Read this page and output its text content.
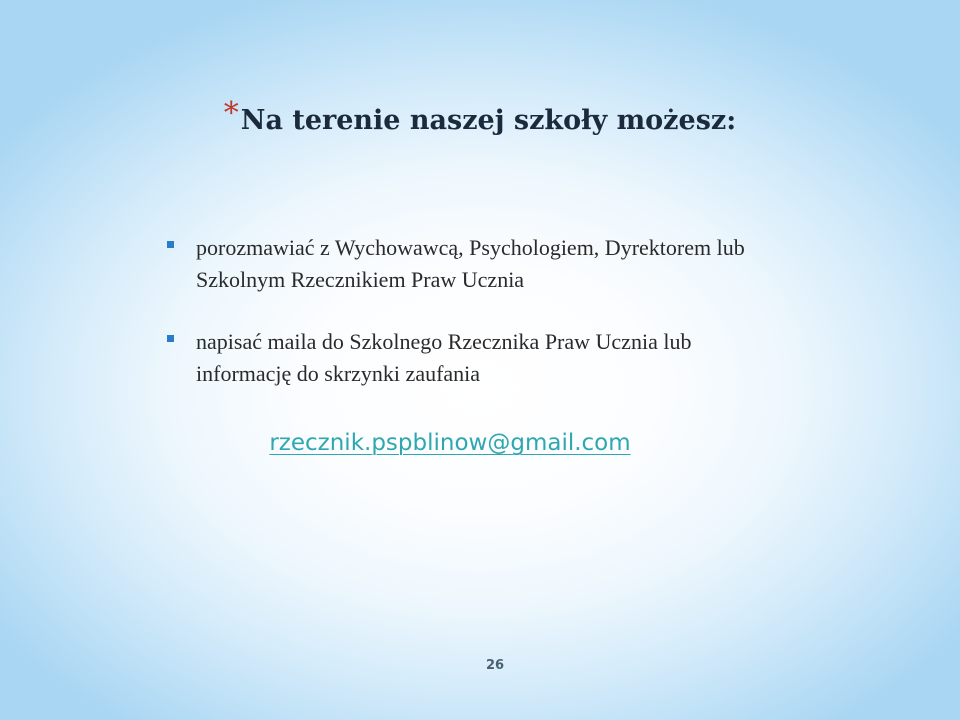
*Na terenie naszej szkoły możesz:
porozmawiać z Wychowawcą, Psychologiem, Dyrektorem lub Szkolnym Rzecznikiem Praw Ucznia
napisać maila do Szkolnego Rzecznika Praw Ucznia lub informację do skrzynki zaufania
rzecznik.pspblinow@gmail.com
26
